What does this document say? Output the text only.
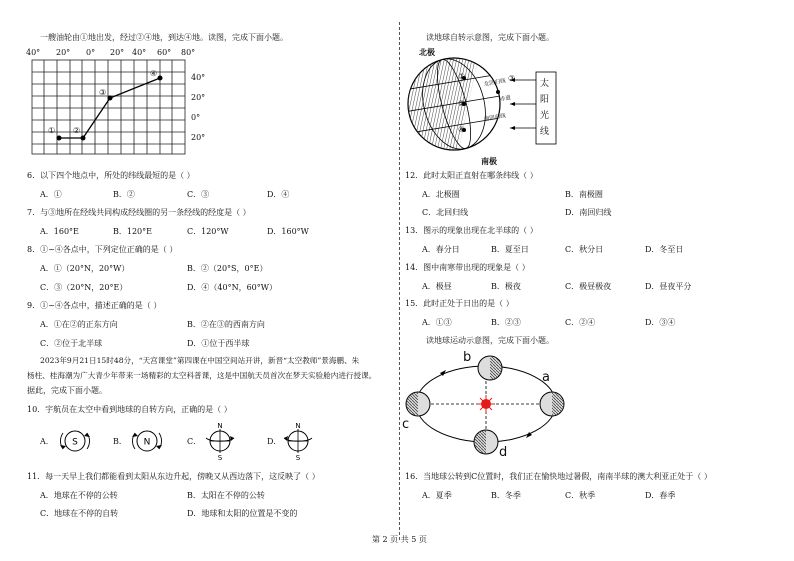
一艘油轮由①地出发，经过②④地，到达④地。读图，完成下面小题。
40° 20° 0° 20° 40° 60° 80°
① ②
③
④	40°
20°
0°
20°
6．以下四个地点中，所处的纬线最短的是（ ）
A．①	B．②	C．③	D．④
7．与③地所在经线共同构成经线圈的另一条经线的经度是（ ）
A．160°E	B．120°E	C．120°W	D．160°W
8．①~④各点中，下列定位正确的是（ ）
A．①（20°N，20°W）	B．②（20°S，0°E）
C．③（20°N，20°E）	D．④（40°N，60°W）
9．①~④各点中，描述正确的是（ ）
A．①在②的正东方向	B．②在③的西南方向
C．②位于北半球	D．①位于西半球
2023年9月21日15时48分，“天宫课堂”第四课在中国空间站开讲，新晋“太空教师”景海鹏、朱
杨柱、桂海潮为广大青少年带来一场精彩的太空科普课，这是中国航天员首次在梦天实验舱内进行授课。
据此，完成下面小题。
10．宇航员在太空中看到地球的自转方向，正确的是（ ）
A．	B．	C．	D．
S	N
N
S
N
S
11．每一天早上我们都能看到太阳从东边升起，傍晚又从西边落下，这反映了（ ）
A．地球在不停的公转	B．太阳在不停的公转
C．地球在不停的自转	D．地球和太阳的位置是不变的
读地球自转示意图，完成下面小题。
北极
南极
太
阳
光
线
北回归线
赤道
南回归线
①
②
③
④
12．此时太阳正直射在哪条纬线（ ）
A．北极圈	B．南极圈
C．北回归线	D．南回归线
13．图示的现象出现在北半球的（ ）
A．春分日	B．夏至日	C．秋分日	D．冬至日
14．图中南寒带出现的现象是（ ）
A．极昼	B．极夜	C．极昼极夜	D．昼夜平分
15．此时正处于日出的是（ ）
A．①③	B．②③	C．②④	D．③④
读地球运动示意图，完成下面小题。
b
a
c
d
16．当地球公转到C位置时，我们正在愉快地过暑假，南南半球的澳大利亚正处于（ ）
A．夏季	B．冬季	C．秋季	D．春季
第 2 页 共 5 页
